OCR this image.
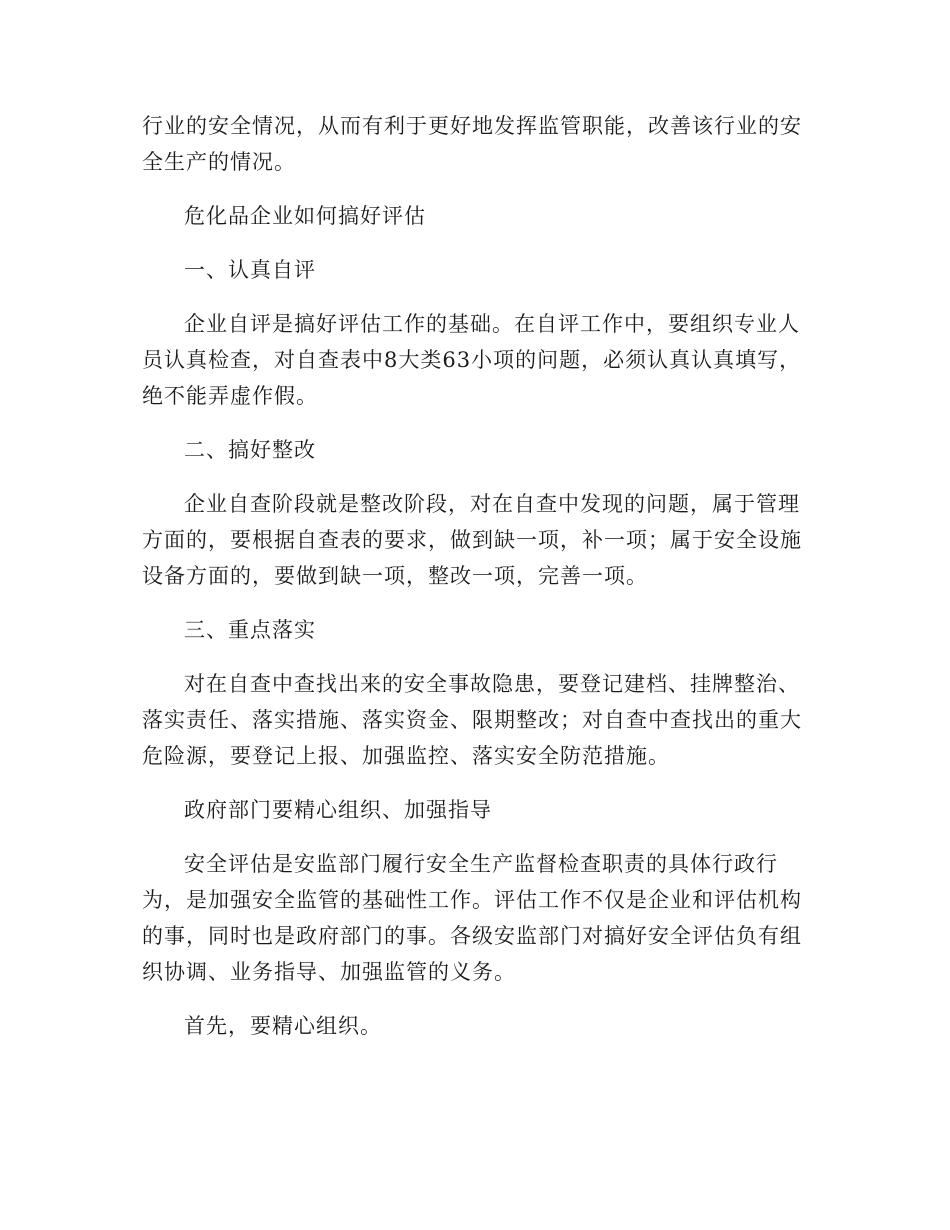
行业的安全情况，从而有利于更好地发挥监管职能，改善该行业的安全生产的情况。

危化品企业如何搞好评估

一、认真自评

企业自评是搞好评估工作的基础。在自评工作中，要组织专业人员认真检查，对自查表中8大类63小项的问题，必须认真认真填写，绝不能弄虚作假。

二、搞好整改

企业自查阶段就是整改阶段，对在自查中发现的问题，属于管理方面的，要根据自查表的要求，做到缺一项，补一项；属于安全设施设备方面的，要做到缺一项，整改一项，完善一项。

三、重点落实

对在自查中查找出来的安全事故隐患，要登记建档、挂牌整治、落实责任、落实措施、落实资金、限期整改；对自查中查找出的重大危险源，要登记上报、加强监控、落实安全防范措施。

政府部门要精心组织、加强指导

安全评估是安监部门履行安全生产监督检查职责的具体行政行为，是加强安全监管的基础性工作。评估工作不仅是企业和评估机构的事，同时也是政府部门的事。各级安监部门对搞好安全评估负有组织协调、业务指导、加强监管的义务。

首先，要精心组织。
